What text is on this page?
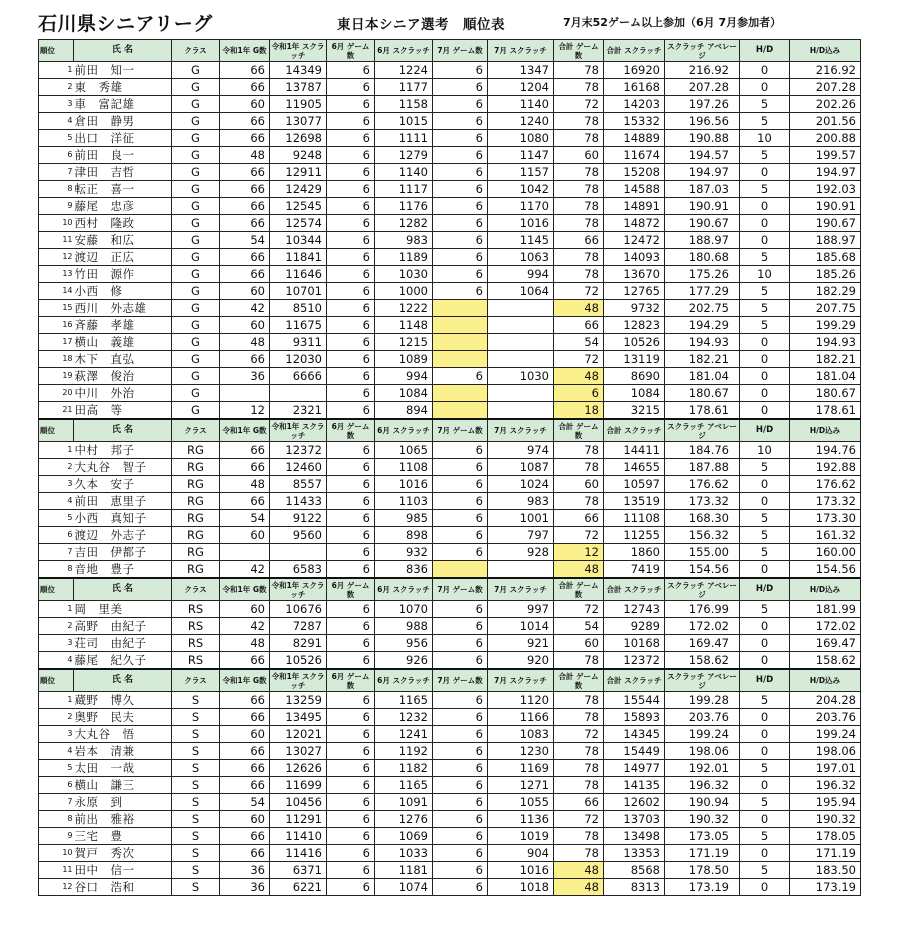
石川県シニアリーグ	東日本シニア選考　順位表	7月末52ゲーム以上参加（6月 7月参加者）
順位	氏 名	クラス	令和1年 G数	令和1年 スクラッチ	6月 ゲーム数	6月 スクラッチ	7月 ゲーム数	7月 スクラッチ	合計 ゲーム数	合計 スクラッチ	スクラッチ アベレージ	H/D	H/D込み
1	前田　知一	G	66	14349	6	1224	6	1347	78	16920	216.92	0	216.92
2	東　秀雄	G	66	13787	6	1177	6	1204	78	16168	207.28	0	207.28
3	車　富記雄	G	60	11905	6	1158	6	1140	72	14203	197.26	5	202.26
4	倉田　静男	G	66	13077	6	1015	6	1240	78	15332	196.56	5	201.56
5	出口　洋征	G	66	12698	6	1111	6	1080	78	14889	190.88	10	200.88
6	前田　良一	G	48	9248	6	1279	6	1147	60	11674	194.57	5	199.57
7	津田　吉哲	G	66	12911	6	1140	6	1157	78	15208	194.97	0	194.97
8	転正　喜一	G	66	12429	6	1117	6	1042	78	14588	187.03	5	192.03
9	藤尾　忠彦	G	66	12545	6	1176	6	1170	78	14891	190.91	0	190.91
10	西村　隆政	G	66	12574	6	1282	6	1016	78	14872	190.67	0	190.67
11	安藤　和広	G	54	10344	6	983	6	1145	66	12472	188.97	0	188.97
12	渡辺　正広	G	66	11841	6	1189	6	1063	78	14093	180.68	5	185.68
13	竹田　源作	G	66	11646	6	1030	6	994	78	13670	175.26	10	185.26
14	小西　修	G	60	10701	6	1000	6	1064	72	12765	177.29	5	182.29
15	西川　外志雄	G	42	8510	6	1222			48	9732	202.75	5	207.75
16	斉藤　孝雄	G	60	11675	6	1148			66	12823	194.29	5	199.29
17	横山　義雄	G	48	9311	6	1215			54	10526	194.93	0	194.93
18	木下　直弘	G	66	12030	6	1089			72	13119	182.21	0	182.21
19	萩澤　俊治	G	36	6666	6	994	6	1030	48	8690	181.04	0	181.04
20	中川　外治	G			6	1084			6	1084	180.67	0	180.67
21	田高　等	G	12	2321	6	894			18	3215	178.61	0	178.61
順位	氏 名	クラス	令和1年 G数	令和1年 スクラッチ	6月 ゲーム数	6月 スクラッチ	7月 ゲーム数	7月 スクラッチ	合計 ゲーム数	合計 スクラッチ	スクラッチ アベレージ	H/D	H/D込み
1	中村　邦子	RG	66	12372	6	1065	6	974	78	14411	184.76	10	194.76
2	大丸谷　智子	RG	66	12460	6	1108	6	1087	78	14655	187.88	5	192.88
3	久本　安子	RG	48	8557	6	1016	6	1024	60	10597	176.62	0	176.62
4	前田　恵里子	RG	66	11433	6	1103	6	983	78	13519	173.32	0	173.32
5	小西　真知子	RG	54	9122	6	985	6	1001	66	11108	168.30	5	173.30
6	渡辺　外志子	RG	60	9560	6	898	6	797	72	11255	156.32	5	161.32
7	吉田　伊都子	RG			6	932	6	928	12	1860	155.00	5	160.00
8	音地　豊子	RG	42	6583	6	836			48	7419	154.56	0	154.56
順位	氏 名	クラス	令和1年 G数	令和1年 スクラッチ	6月 ゲーム数	6月 スクラッチ	7月 ゲーム数	7月 スクラッチ	合計 ゲーム数	合計 スクラッチ	スクラッチ アベレージ	H/D	H/D込み
1	岡　里美	RS	60	10676	6	1070	6	997	72	12743	176.99	5	181.99
2	高野　由紀子	RS	42	7287	6	988	6	1014	54	9289	172.02	0	172.02
3	荘司　由紀子	RS	48	8291	6	956	6	921	60	10168	169.47	0	169.47
4	藤尾　紀久子	RS	66	10526	6	926	6	920	78	12372	158.62	0	158.62
順位	氏 名	クラス	令和1年 G数	令和1年 スクラッチ	6月 ゲーム数	6月 スクラッチ	7月 ゲーム数	7月 スクラッチ	合計 ゲーム数	合計 スクラッチ	スクラッチ アベレージ	H/D	H/D込み
1	蔵野　博久	S	66	13259	6	1165	6	1120	78	15544	199.28	5	204.28
2	奥野　民夫	S	66	13495	6	1232	6	1166	78	15893	203.76	0	203.76
3	大丸谷　悟	S	60	12021	6	1241	6	1083	72	14345	199.24	0	199.24
4	岩本　清兼	S	66	13027	6	1192	6	1230	78	15449	198.06	0	198.06
5	太田　一哉	S	66	12626	6	1182	6	1169	78	14977	192.01	5	197.01
6	横山　謙三	S	66	11699	6	1165	6	1271	78	14135	196.32	0	196.32
7	永原　到	S	54	10456	6	1091	6	1055	66	12602	190.94	5	195.94
8	前出　雅裕	S	60	11291	6	1276	6	1136	72	13703	190.32	0	190.32
9	三宅　豊	S	66	11410	6	1069	6	1019	78	13498	173.05	5	178.05
10	賀戸　秀次	S	66	11416	6	1033	6	904	78	13353	171.19	0	171.19
11	田中　信一	S	36	6371	6	1181	6	1016	48	8568	178.50	5	183.50
12	谷口　浩和	S	36	6221	6	1074	6	1018	48	8313	173.19	0	173.19
